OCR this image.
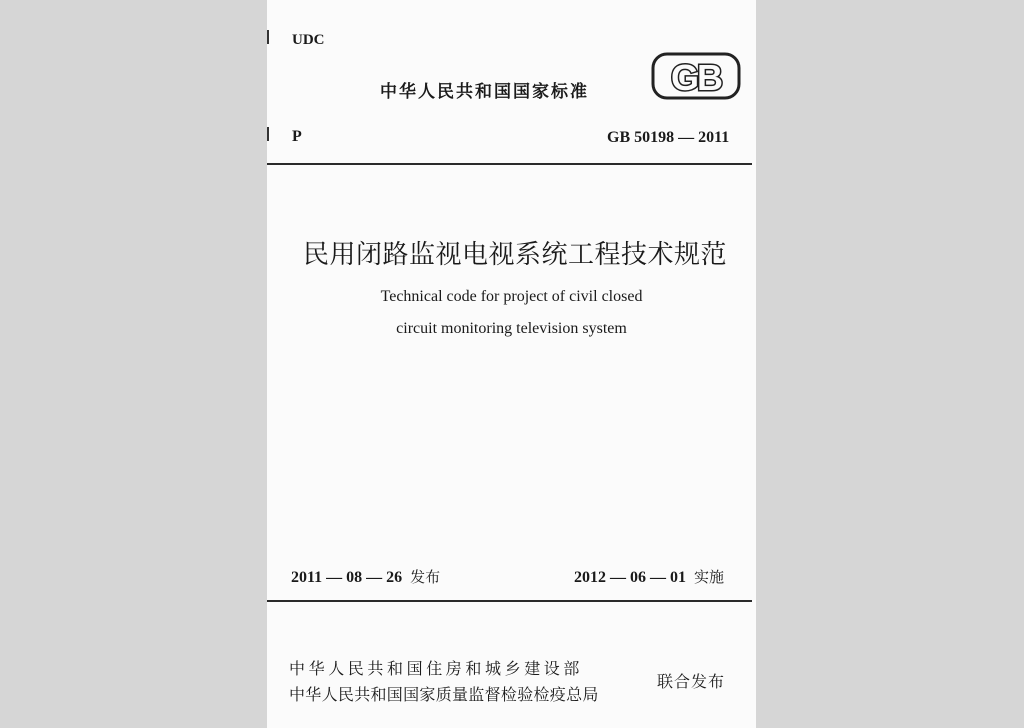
UDC
中华人民共和国国家标准 GB
P	GB 50198 — 2011
民用闭路监视电视系统工程技术规范
Technical code for project of civil closed
circuit monitoring television system
2011 — 08 — 26 发布	2012 — 06 — 01 实施
中华人民共和国住房和城乡建设部
中华人民共和国国家质量监督检验检疫总局
联合发布
